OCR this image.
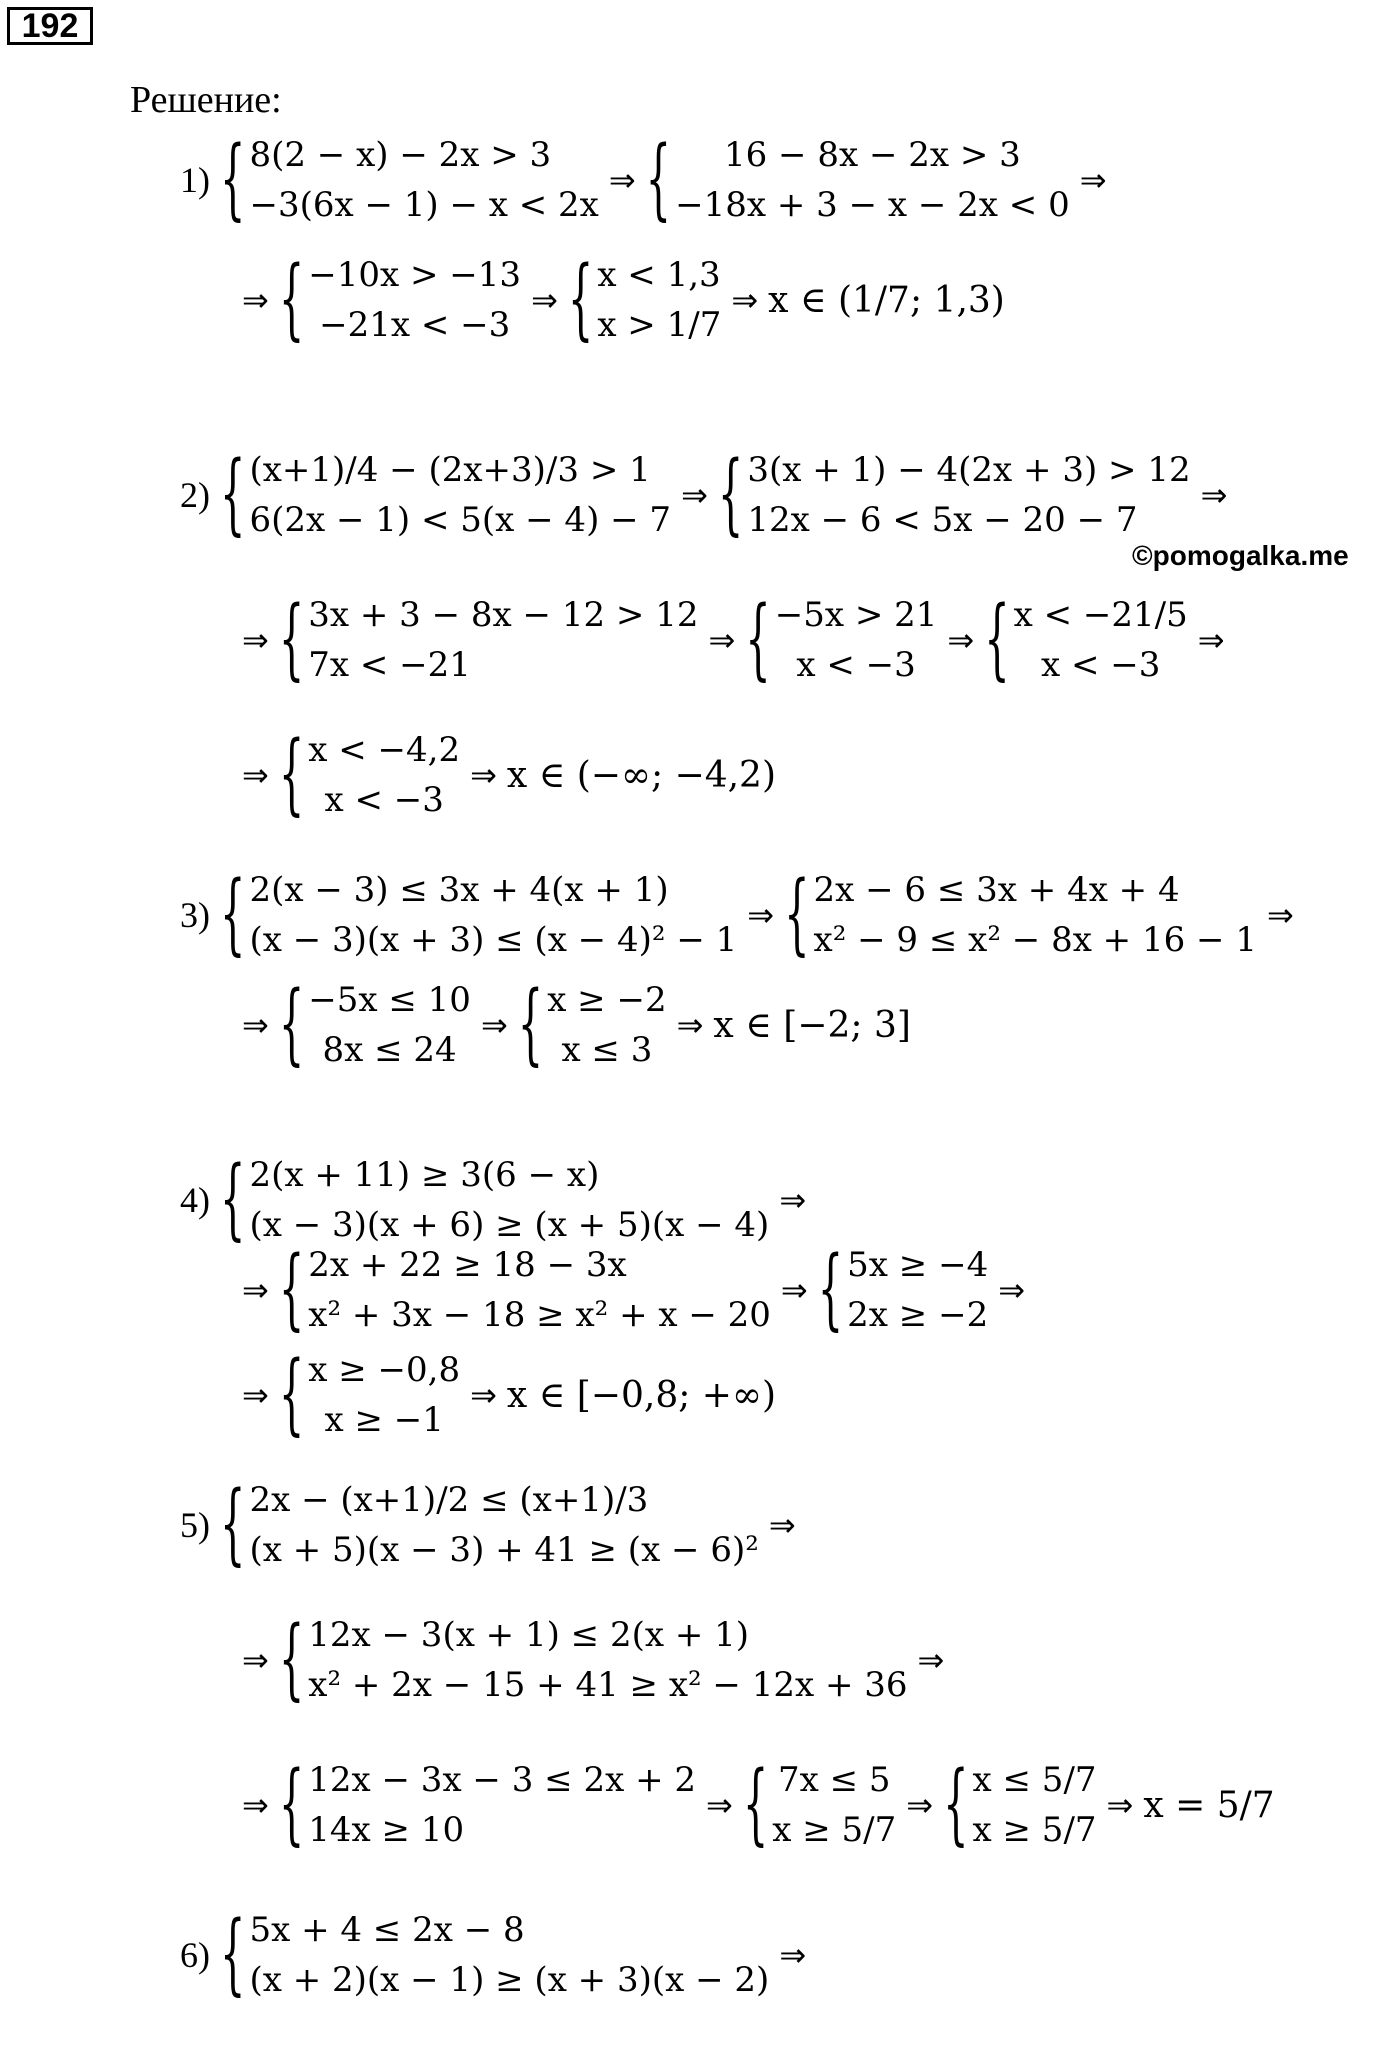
192
Решение:
©pomogalka.me
1) { 8(2 − x) − 2x > 3
−3(6x − 1) − x < 2x
⇒ {	16 − 8x − 2x > 3
−18x + 3 − x − 2x < 0
⇒
⇒ { −10x > −13
−21x < −3
⇒ { x < 1,3
x > 1/7
⇒ x ∈ (1/7; 1,3)
2) { (x+1)/4 − (2x+3)/3 > 1
6(2x − 1) < 5(x − 4) − 7
⇒ { 3(x + 1) − 4(2x + 3) > 12
12x − 6 < 5x − 20 − 7
⇒
⇒ { 3x + 3 − 8x − 12 > 12
7x < −21
⇒ { −5x > 21
x < −3
⇒ { x < −21/5
x < −3
⇒
⇒ { x < −4,2
x < −3
⇒ x ∈ (−∞; −4,2)
3) { 2(x − 3) ≤ 3x + 4(x + 1)
(x − 3)(x + 3) ≤ (x − 4)² − 1
⇒ { 2x − 6 ≤ 3x + 4x + 4
x² − 9 ≤ x² − 8x + 16 − 1
⇒
⇒ { −5x ≤ 10
8x ≤ 24
⇒ { x ≥ −2
x ≤ 3
⇒ x ∈ [−2; 3]
4) { 2(x + 11) ≥ 3(6 − x)
(x − 3)(x + 6) ≥ (x + 5)(x − 4)
⇒
⇒ { 2x + 22 ≥ 18 − 3x
x² + 3x − 18 ≥ x² + x − 20
⇒ { 5x ≥ −4
2x ≥ −2
⇒
⇒ { x ≥ −0,8
x ≥ −1
⇒ x ∈ [−0,8; +∞)
5) { 2x − (x+1)/2 ≤ (x+1)/3
(x + 5)(x − 3) + 41 ≥ (x − 6)²
⇒
⇒ { 12x − 3(x + 1) ≤ 2(x + 1)
x² + 2x − 15 + 41 ≥ x² − 12x + 36
⇒
⇒ { 12x − 3x − 3 ≤ 2x + 2
14x ≥ 10
⇒ { 7x ≤ 5
x ≥ 5/7
⇒ { x ≤ 5/7
x ≥ 5/7
⇒ x = 5/7
6) { 5x + 4 ≤ 2x − 8
(x + 2)(x − 1) ≥ (x + 3)(x − 2)
⇒
